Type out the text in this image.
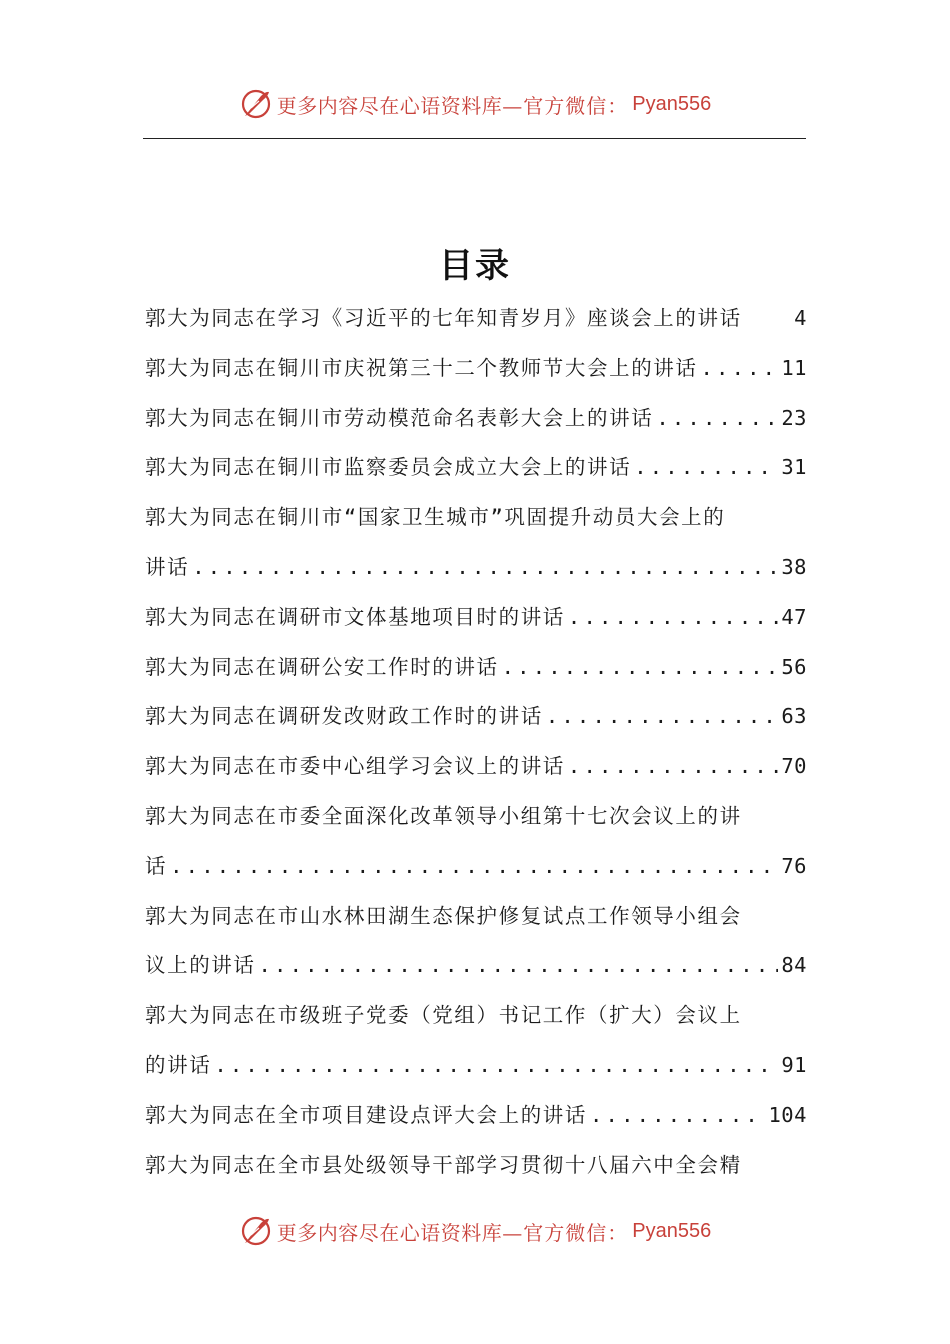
更多内容尽在心语资料库 —官方微信： Pyan556
目录
郭大为同志在学习《习近平的七年知青岁月》座谈会上的讲话	4
郭大为同志在铜川市庆祝第三十二个教师节大会上的讲话 .....	11
郭大为同志在铜川市劳动模范命名表彰大会上的讲话 .....	23
郭大为同志在铜川市监察委员会成立大会上的讲话 .....	31
郭大为同志在铜川市“国家卫生城市”巩固提升动员大会上的
讲话 .....	38
郭大为同志在调研市文体基地项目时的讲话 .....	47
郭大为同志在调研公安工作时的讲话 .....	56
郭大为同志在调研发改财政工作时的讲话 .....	63
郭大为同志在市委中心组学习会议上的讲话 .....	70
郭大为同志在市委全面深化改革领导小组第十七次会议上的讲
话 .....	76
郭大为同志在市山水林田湖生态保护修复试点工作领导小组会
议上的讲话 .....	84
郭大为同志在市级班子党委（党组）书记工作（扩大）会议上
的讲话 .....	91
郭大为同志在全市项目建设点评大会上的讲话 .....	104
郭大为同志在全市县处级领导干部学习贯彻十八届六中全会精
更多内容尽在心语资料库 —官方微信： Pyan556
